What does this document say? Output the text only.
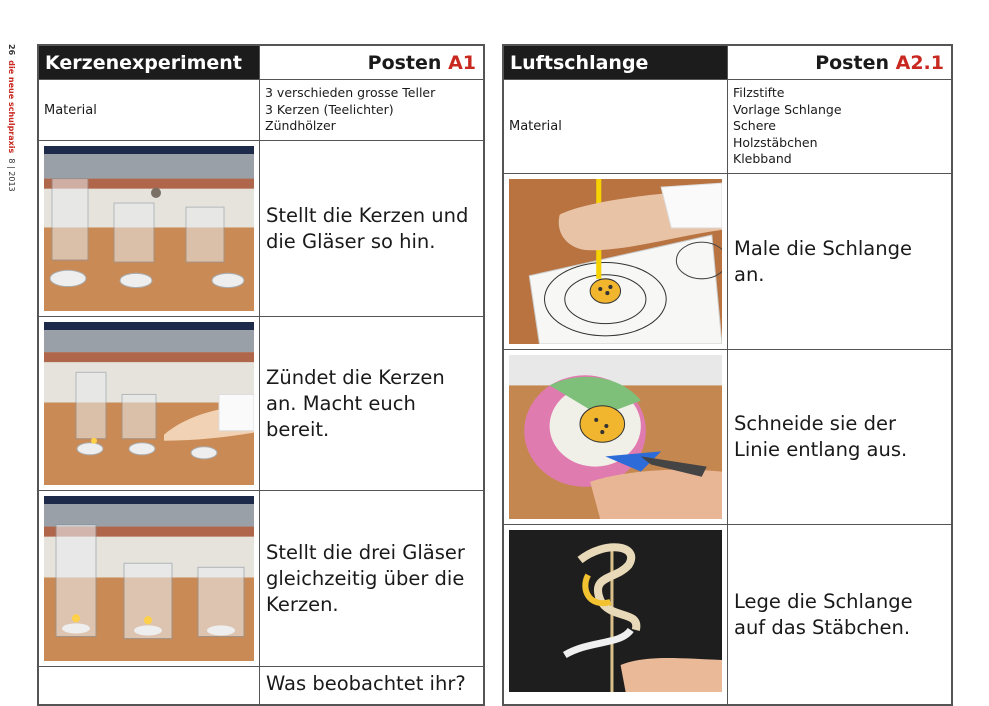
26  die neue schulpraxis  8 | 2013
Kerzenexperiment	Posten A1
Material	3 verschieden grosse Teller
3 Kerzen (Teelichter)
Zündhölzer

	Stellt die Kerzen und die Gläser so hin.

	Zündet die Kerzen an. Macht euch bereit.

	Stellt die drei Gläser gleichzeitig über die Kerzen.
	Was beobachtet ihr?
Luftschlange	Posten A2.1
Material	Filzstifte
Vorlage Schlange
Schere
Holzstäbchen
Klebband

	Male die Schlange an.

	Schneide sie der Linie entlang aus.

	Lege die Schlange auf das Stäbchen.
